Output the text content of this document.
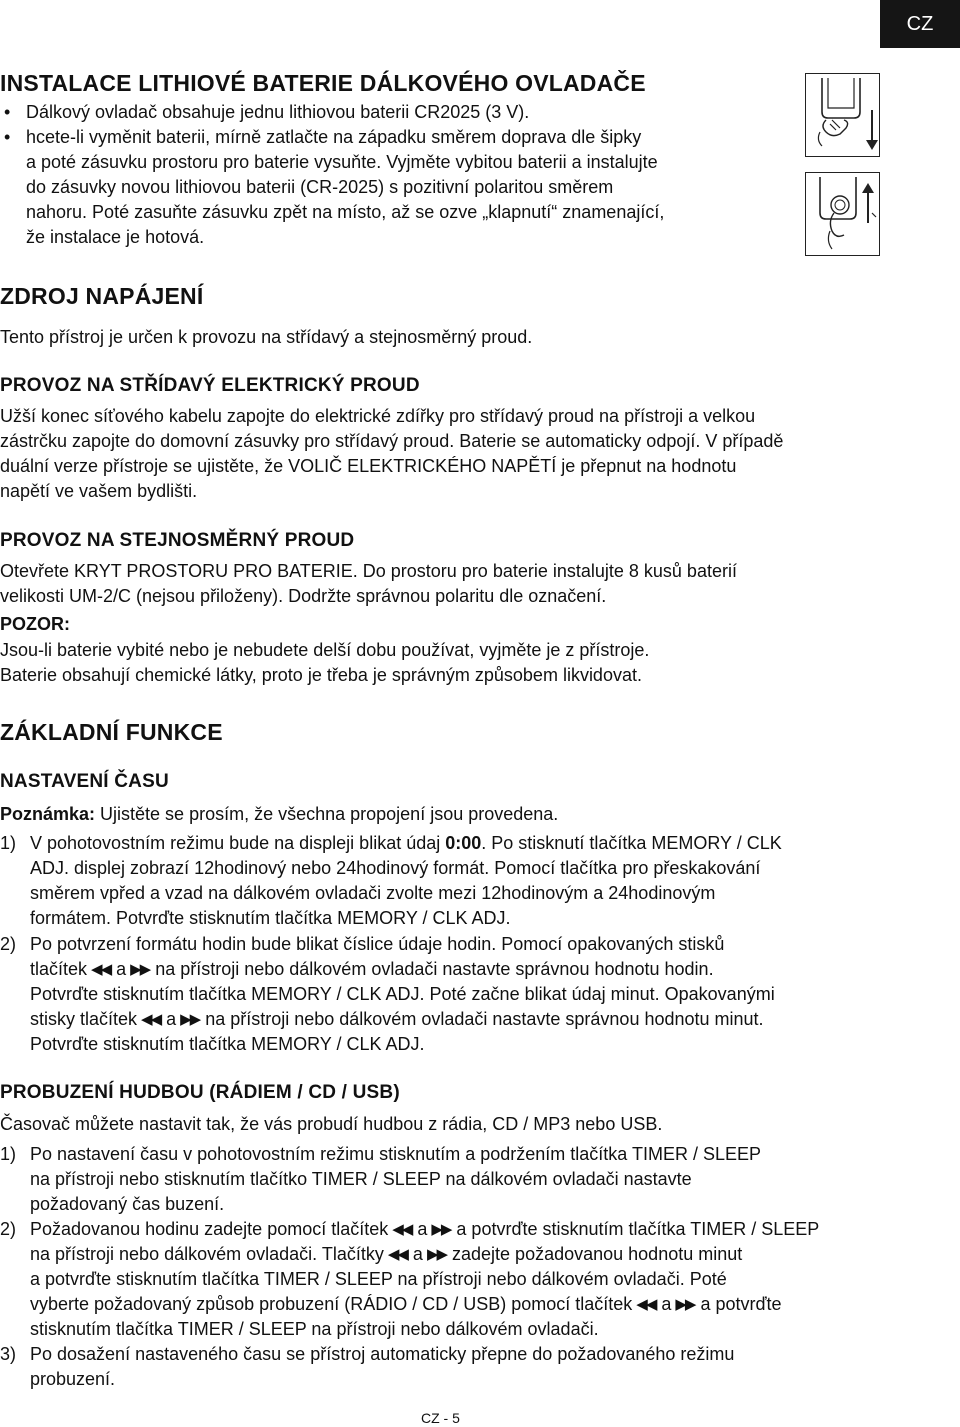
CZ
INSTALACE LITHIOVÉ BATERIE DÁLKOVÉHO OVLADAČE
• Dálkový ovladač obsahuje jednu lithiovou baterii CR2025 (3 V).
• hcete-li vyměnit baterii, mírně zatlačte na západku směrem doprava dle šipky
a poté zásuvku prostoru pro baterie vysuňte. Vyjměte vybitou baterii a instalujte
do zásuvky novou lithiovou baterii (CR-2025) s pozitivní polaritou směrem
nahoru. Poté zasuňte zásuvku zpět na místo, až se ozve „klapnutí“ znamenající,
že instalace je hotová.
ZDROJ NAPÁJENÍ
Tento přístroj je určen k provozu na střídavý a stejnosměrný proud.
PROVOZ NA STŘÍDAVÝ ELEKTRICKÝ PROUD
Užší konec síťového kabelu zapojte do elektrické zdířky pro střídavý proud na přístroji a velkou
zástrčku zapojte do domovní zásuvky pro střídavý proud. Baterie se automaticky odpojí. V případě
duální verze přístroje se ujistěte, že VOLIČ ELEKTRICKÉHO NAPĚTÍ je přepnut na hodnotu
napětí ve vašem bydlišti.
PROVOZ NA STEJNOSMĚRNÝ PROUD
Otevřete KRYT PROSTORU PRO BATERIE. Do prostoru pro baterie instalujte 8 kusů baterií
velikosti UM-2/C (nejsou přiloženy). Dodržte správnou polaritu dle označení.
POZOR:
Jsou-li baterie vybité nebo je nebudete delší dobu používat, vyjměte je z přístroje.
Baterie obsahují chemické látky, proto je třeba je správným způsobem likvidovat.
ZÁKLADNÍ FUNKCE
NASTAVENÍ ČASU
Poznámka: Ujistěte se prosím, že všechna propojení jsou provedena.
1) V pohotovostním režimu bude na displeji blikat údaj 0:00. Po stisknutí tlačítka MEMORY / CLK
ADJ. displej zobrazí 12hodinový nebo 24hodinový formát. Pomocí tlačítka pro přeskakování
směrem vpřed a vzad na dálkovém ovladači zvolte mezi 12hodinovým a 24hodinovým
formátem. Potvrďte stisknutím tlačítka MEMORY / CLK ADJ.
2) Po potvrzení formátu hodin bude blikat číslice údaje hodin. Pomocí opakovaných stisků
tlačítek ◀◀ a ▶▶ na přístroji nebo dálkovém ovladači nastavte správnou hodnotu hodin.
Potvrďte stisknutím tlačítka MEMORY / CLK ADJ. Poté začne blikat údaj minut. Opakovanými
stisky tlačítek ◀◀ a ▶▶ na přístroji nebo dálkovém ovladači nastavte správnou hodnotu minut.
Potvrďte stisknutím tlačítka MEMORY / CLK ADJ.
PROBUZENÍ HUDBOU (RÁDIEM / CD / USB)
Časovač můžete nastavit tak, že vás probudí hudbou z rádia, CD / MP3 nebo USB.
1) Po nastavení času v pohotovostním režimu stisknutím a podržením tlačítka TIMER / SLEEP
na přístroji nebo stisknutím tlačítko TIMER / SLEEP na dálkovém ovladači nastavte
požadovaný čas buzení.
2) Požadovanou hodinu zadejte pomocí tlačítek ◀◀ a ▶▶ a potvrďte stisknutím tlačítka TIMER / SLEEP
na přístroji nebo dálkovém ovladači. Tlačítky ◀◀ a ▶▶ zadejte požadovanou hodnotu minut
a potvrďte stisknutím tlačítka TIMER / SLEEP na přístroji nebo dálkovém ovladači. Poté
vyberte požadovaný způsob probuzení (RÁDIO / CD / USB) pomocí tlačítek ◀◀ a ▶▶ a potvrďte
stisknutím tlačítka TIMER / SLEEP na přístroji nebo dálkovém ovladači.
3) Po dosažení nastaveného času se přístroj automaticky přepne do požadovaného režimu
probuzení.
CZ - 5
